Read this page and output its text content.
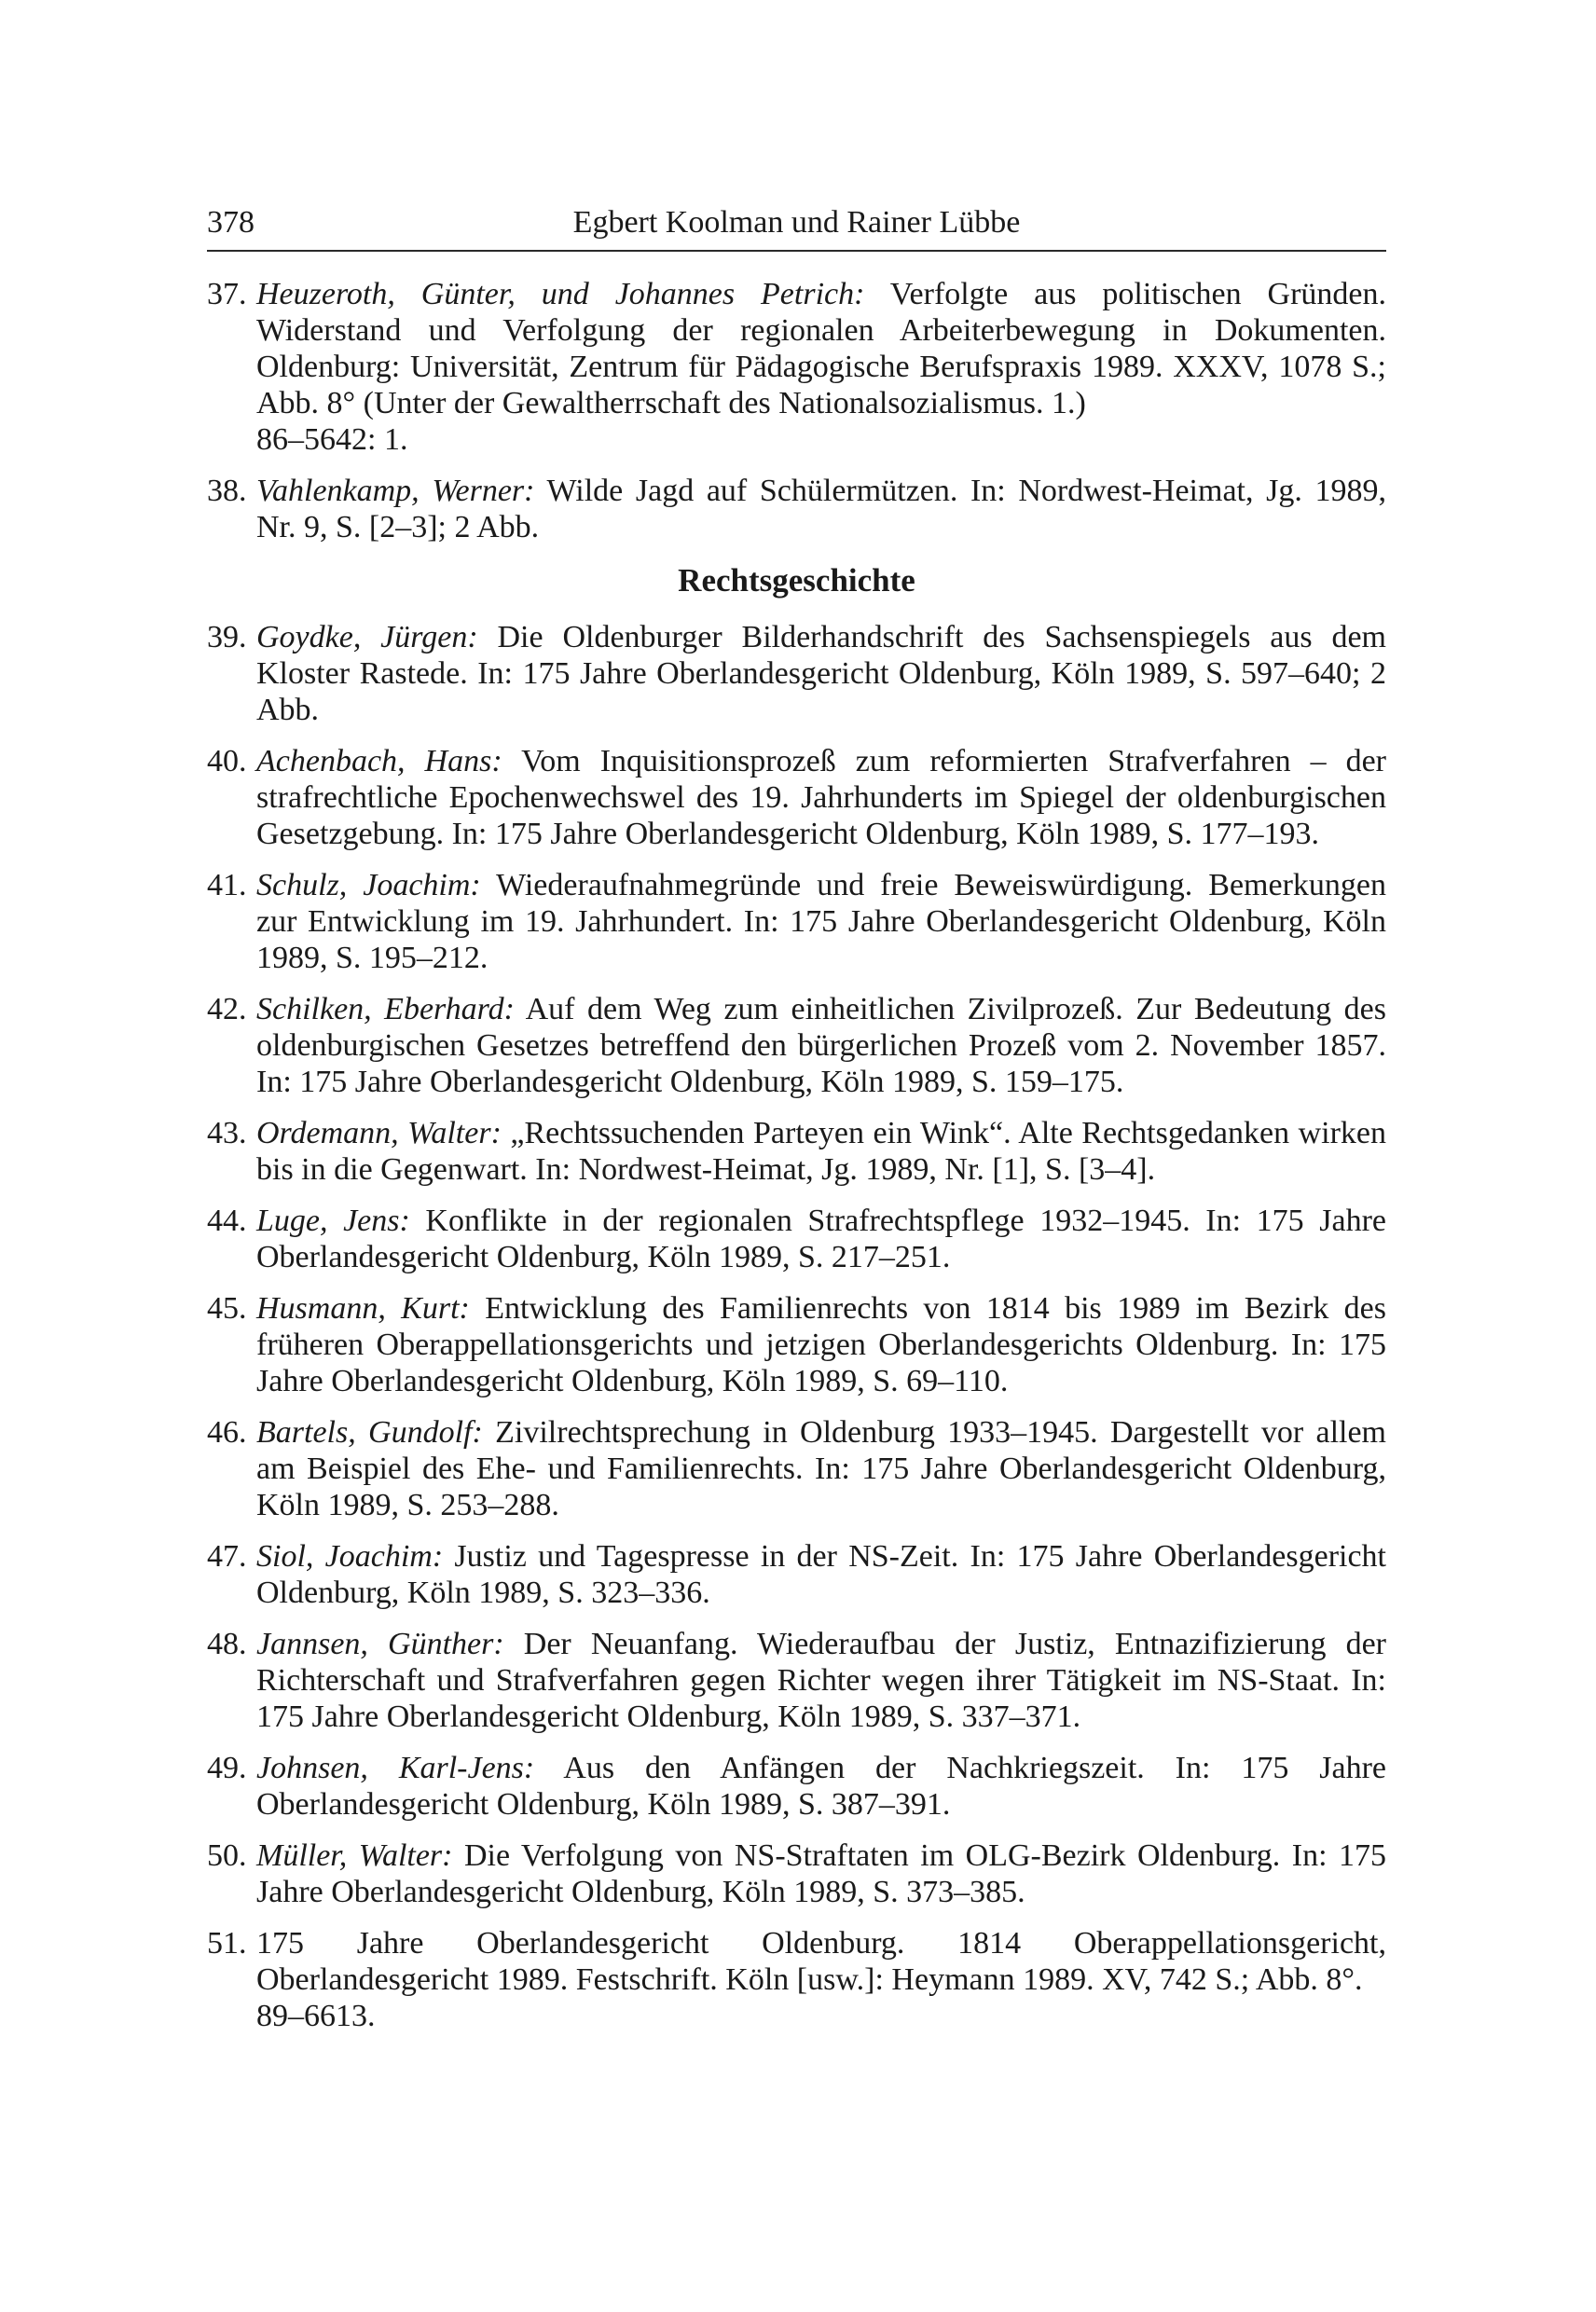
378	Egbert Koolman und Rainer Lübbe
37. Heuzeroth, Günter, und Johannes Petrich: Verfolgte aus politischen Gründen. Widerstand und Verfolgung der regionalen Arbeiterbewegung in Dokumenten. Oldenburg: Universität, Zentrum für Pädagogische Berufspraxis 1989. XXXV, 1078 S.; Abb. 8° (Unter der Gewaltherrschaft des Nationalsozialismus. 1.)
86–5642: 1.
38. Vahlenkamp, Werner: Wilde Jagd auf Schülermützen. In: Nordwest-Heimat, Jg. 1989, Nr. 9, S. [2–3]; 2 Abb.
Rechtsgeschichte
39. Goydke, Jürgen: Die Oldenburger Bilderhandschrift des Sachsenspiegels aus dem Kloster Rastede. In: 175 Jahre Oberlandesgericht Oldenburg, Köln 1989, S. 597–640; 2 Abb.
40. Achenbach, Hans: Vom Inquisitionsprozeß zum reformierten Strafverfahren – der strafrechtliche Epochenwechswel des 19. Jahrhunderts im Spiegel der oldenburgischen Gesetzgebung. In: 175 Jahre Oberlandesgericht Oldenburg, Köln 1989, S. 177–193.
41. Schulz, Joachim: Wiederaufnahmegründe und freie Beweiswürdigung. Bemerkungen zur Entwicklung im 19. Jahrhundert. In: 175 Jahre Oberlandesgericht Oldenburg, Köln 1989, S. 195–212.
42. Schilken, Eberhard: Auf dem Weg zum einheitlichen Zivilprozeß. Zur Bedeutung des oldenburgischen Gesetzes betreffend den bürgerlichen Prozeß vom 2. November 1857. In: 175 Jahre Oberlandesgericht Oldenburg, Köln 1989, S. 159–175.
43. Ordemann, Walter: „Rechtssuchenden Parteyen ein Wink“. Alte Rechtsgedanken wirken bis in die Gegenwart. In: Nordwest-Heimat, Jg. 1989, Nr. [1], S. [3–4].
44. Luge, Jens: Konflikte in der regionalen Strafrechtspflege 1932–1945. In: 175 Jahre Oberlandesgericht Oldenburg, Köln 1989, S. 217–251.
45. Husmann, Kurt: Entwicklung des Familienrechts von 1814 bis 1989 im Bezirk des früheren Oberappellationsgerichts und jetzigen Oberlandesgerichts Oldenburg. In: 175 Jahre Oberlandesgericht Oldenburg, Köln 1989, S. 69–110.
46. Bartels, Gundolf: Zivilrechtsprechung in Oldenburg 1933–1945. Dargestellt vor allem am Beispiel des Ehe- und Familienrechts. In: 175 Jahre Oberlandesgericht Oldenburg, Köln 1989, S. 253–288.
47. Siol, Joachim: Justiz und Tagespresse in der NS-Zeit. In: 175 Jahre Oberlandesgericht Oldenburg, Köln 1989, S. 323–336.
48. Jannsen, Günther: Der Neuanfang. Wiederaufbau der Justiz, Entnazifizierung der Richterschaft und Strafverfahren gegen Richter wegen ihrer Tätigkeit im NS-Staat. In: 175 Jahre Oberlandesgericht Oldenburg, Köln 1989, S. 337–371.
49. Johnsen, Karl-Jens: Aus den Anfängen der Nachkriegszeit. In: 175 Jahre Oberlandesgericht Oldenburg, Köln 1989, S. 387–391.
50. Müller, Walter: Die Verfolgung von NS-Straftaten im OLG-Bezirk Oldenburg. In: 175 Jahre Oberlandesgericht Oldenburg, Köln 1989, S. 373–385.
51. 175 Jahre Oberlandesgericht Oldenburg. 1814 Oberappellationsgericht, Oberlandesgericht 1989. Festschrift. Köln [usw.]: Heymann 1989. XV, 742 S.; Abb. 8°.
89–6613.
